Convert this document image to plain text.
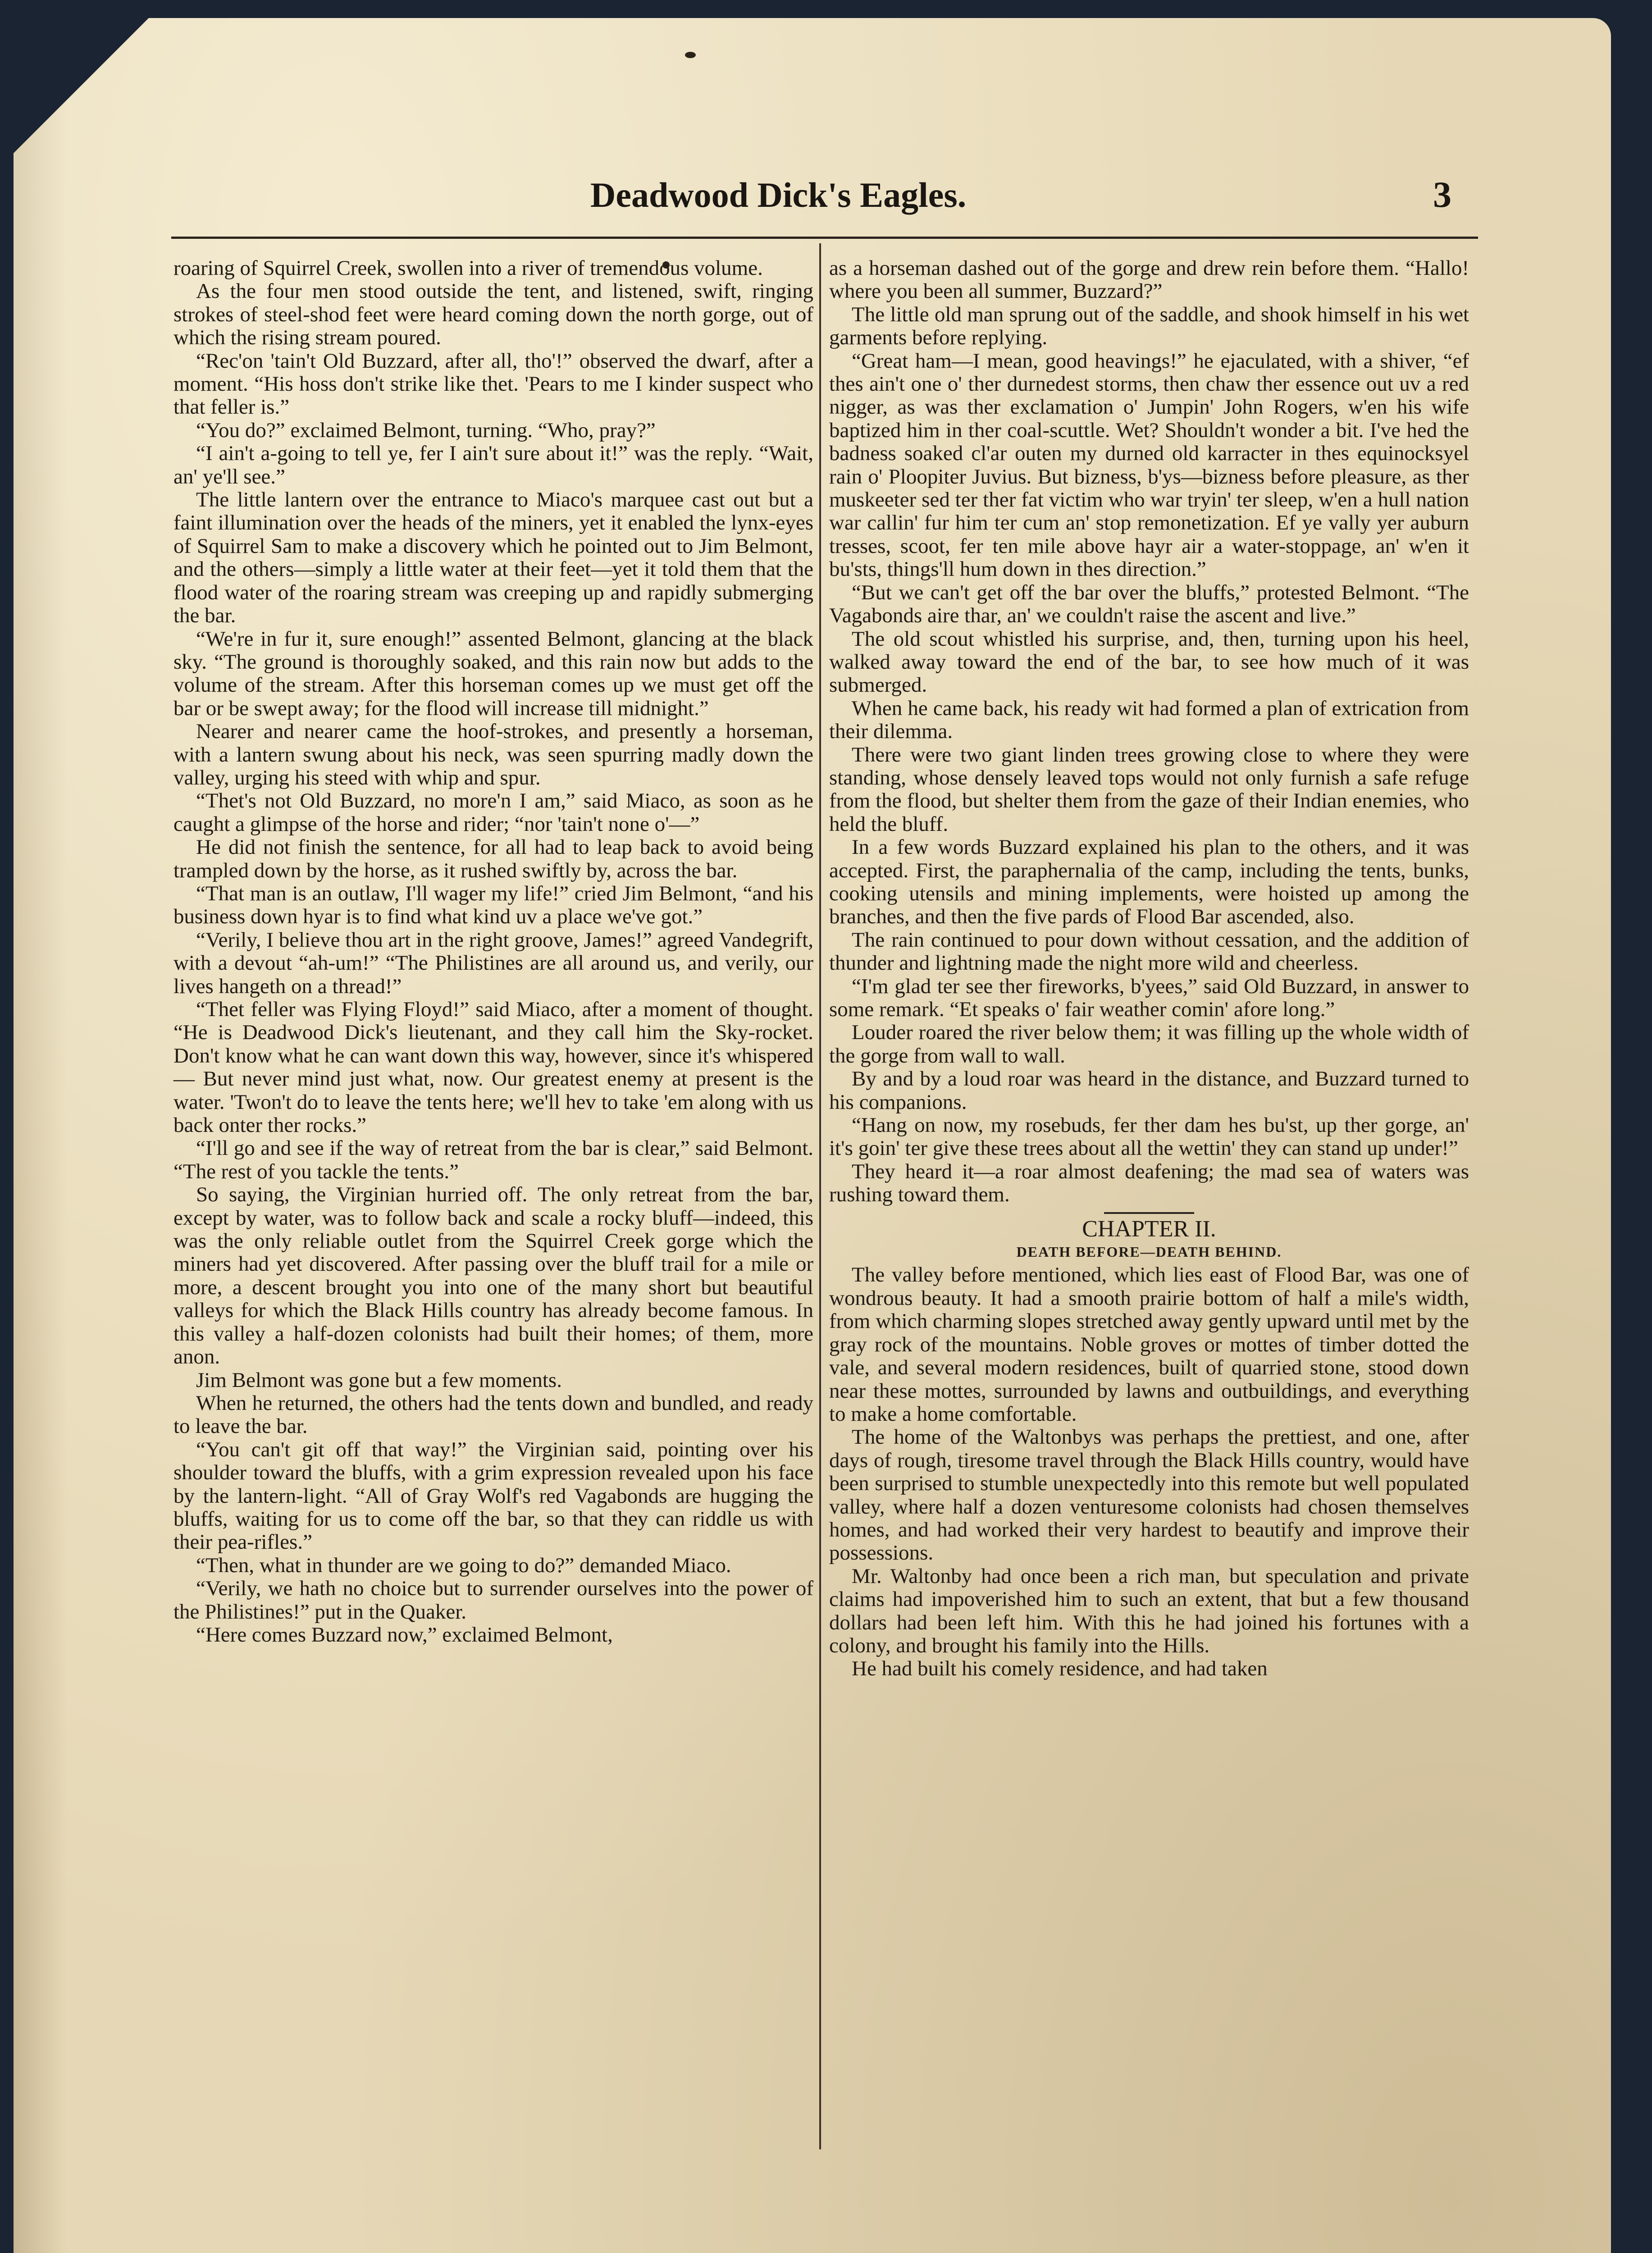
Deadwood Dick's Eagles.	3

roaring of Squirrel Creek, swollen into a river of tremendous volume.

As the four men stood outside the tent, and listened, swift, ringing strokes of steel-shod feet were heard coming down the north gorge, out of which the rising stream poured.

“Rec'on 'tain't Old Buzzard, after all, tho'!” observed the dwarf, after a moment. “His hoss don't strike like thet. 'Pears to me I kinder suspect who that feller is.”

“You do?” exclaimed Belmont, turning. “Who, pray?”

“I ain't a-going to tell ye, fer I ain't sure about it!” was the reply. “Wait, an' ye'll see.”

The little lantern over the entrance to Miaco's marquee cast out but a faint illumination over the heads of the miners, yet it enabled the lynx-eyes of Squirrel Sam to make a discovery which he pointed out to Jim Belmont, and the others—simply a little water at their feet—yet it told them that the flood water of the roaring stream was creeping up and rapidly submerging the bar.

“We're in fur it, sure enough!” assented Belmont, glancing at the black sky. “The ground is thoroughly soaked, and this rain now but adds to the volume of the stream. After this horseman comes up we must get off the bar or be swept away; for the flood will increase till midnight.”

Nearer and nearer came the hoof-strokes, and presently a horseman, with a lantern swung about his neck, was seen spurring madly down the valley, urging his steed with whip and spur.

“Thet's not Old Buzzard, no more'n I am,” said Miaco, as soon as he caught a glimpse of the horse and rider; “nor 'tain't none o'—”

He did not finish the sentence, for all had to leap back to avoid being trampled down by the horse, as it rushed swiftly by, across the bar.

“That man is an outlaw, I'll wager my life!” cried Jim Belmont, “and his business down hyar is to find what kind uv a place we've got.”

“Verily, I believe thou art in the right groove, James!” agreed Vandegrift, with a devout “ah-um!” “The Philistines are all around us, and verily, our lives hangeth on a thread!”

“Thet feller was Flying Floyd!” said Miaco, after a moment of thought. “He is Deadwood Dick's lieutenant, and they call him the Sky-rocket. Don't know what he can want down this way, however, since it's whispered— But never mind just what, now. Our greatest enemy at present is the water. 'Twon't do to leave the tents here; we'll hev to take 'em along with us back onter ther rocks.”

“I'll go and see if the way of retreat from the bar is clear,” said Belmont. “The rest of you tackle the tents.”

So saying, the Virginian hurried off. The only retreat from the bar, except by water, was to follow back and scale a rocky bluff—indeed, this was the only reliable outlet from the Squirrel Creek gorge which the miners had yet discovered. After passing over the bluff trail for a mile or more, a descent brought you into one of the many short but beautiful valleys for which the Black Hills country has already become famous. In this valley a half-dozen colonists had built their homes; of them, more anon.

Jim Belmont was gone but a few moments.

When he returned, the others had the tents down and bundled, and ready to leave the bar.

“You can't git off that way!” the Virginian said, pointing over his shoulder toward the bluffs, with a grim expression revealed upon his face by the lantern-light. “All of Gray Wolf's red Vagabonds are hugging the bluffs, waiting for us to come off the bar, so that they can riddle us with their pea-rifles.”

“Then, what in thunder are we going to do?” demanded Miaco.

“Verily, we hath no choice but to surrender ourselves into the power of the Philistines!” put in the Quaker.

“Here comes Buzzard now,” exclaimed Belmont,

as a horseman dashed out of the gorge and drew rein before them. “Hallo! where you been all summer, Buzzard?”

The little old man sprung out of the saddle, and shook himself in his wet garments before replying.

“Great ham—I mean, good heavings!” he ejaculated, with a shiver, “ef thes ain't one o' ther durnedest storms, then chaw ther essence out uv a red nigger, as was ther exclamation o' Jumpin' John Rogers, w'en his wife baptized him in ther coal-scuttle. Wet? Shouldn't wonder a bit. I've hed the badness soaked cl'ar outen my durned old karracter in thes equinocksyel rain o' Ploopiter Juvius. But bizness, b'ys—bizness before pleasure, as ther muskeeter sed ter ther fat victim who war tryin' ter sleep, w'en a hull nation war callin' fur him ter cum an' stop remonetization. Ef ye vally yer auburn tresses, scoot, fer ten mile above hayr air a water-stoppage, an' w'en it bu'sts, things'll hum down in thes direction.”

“But we can't get off the bar over the bluffs,” protested Belmont. “The Vagabonds aire thar, an' we couldn't raise the ascent and live.”

The old scout whistled his surprise, and, then, turning upon his heel, walked away toward the end of the bar, to see how much of it was submerged.

When he came back, his ready wit had formed a plan of extrication from their dilemma.

There were two giant linden trees growing close to where they were standing, whose densely leaved tops would not only furnish a safe refuge from the flood, but shelter them from the gaze of their Indian enemies, who held the bluff.

In a few words Buzzard explained his plan to the others, and it was accepted. First, the paraphernalia of the camp, including the tents, bunks, cooking utensils and mining implements, were hoisted up among the branches, and then the five pards of Flood Bar ascended, also.

The rain continued to pour down without cessation, and the addition of thunder and lightning made the night more wild and cheerless.

“I'm glad ter see ther fireworks, b'yees,” said Old Buzzard, in answer to some remark. “Et speaks o' fair weather comin' afore long.”

Louder roared the river below them; it was filling up the whole width of the gorge from wall to wall.

By and by a loud roar was heard in the distance, and Buzzard turned to his companions.

“Hang on now, my rosebuds, fer ther dam hes bu'st, up ther gorge, an' it's goin' ter give these trees about all the wettin' they can stand up under!”

They heard it—a roar almost deafening; the mad sea of waters was rushing toward them.

CHAPTER II.

DEATH BEFORE—DEATH BEHIND.

The valley before mentioned, which lies east of Flood Bar, was one of wondrous beauty. It had a smooth prairie bottom of half a mile's width, from which charming slopes stretched away gently upward until met by the gray rock of the mountains. Noble groves or mottes of timber dotted the vale, and several modern residences, built of quarried stone, stood down near these mottes, surrounded by lawns and outbuildings, and everything to make a home comfortable.

The home of the Waltonbys was perhaps the prettiest, and one, after days of rough, tiresome travel through the Black Hills country, would have been surprised to stumble unexpectedly into this remote but well populated valley, where half a dozen venturesome colonists had chosen themselves homes, and had worked their very hardest to beautify and improve their possessions.

Mr. Waltonby had once been a rich man, but speculation and private claims had impoverished him to such an extent, that but a few thousand dollars had been left him. With this he had joined his fortunes with a colony, and brought his family into the Hills.

He had built his comely residence, and had taken
